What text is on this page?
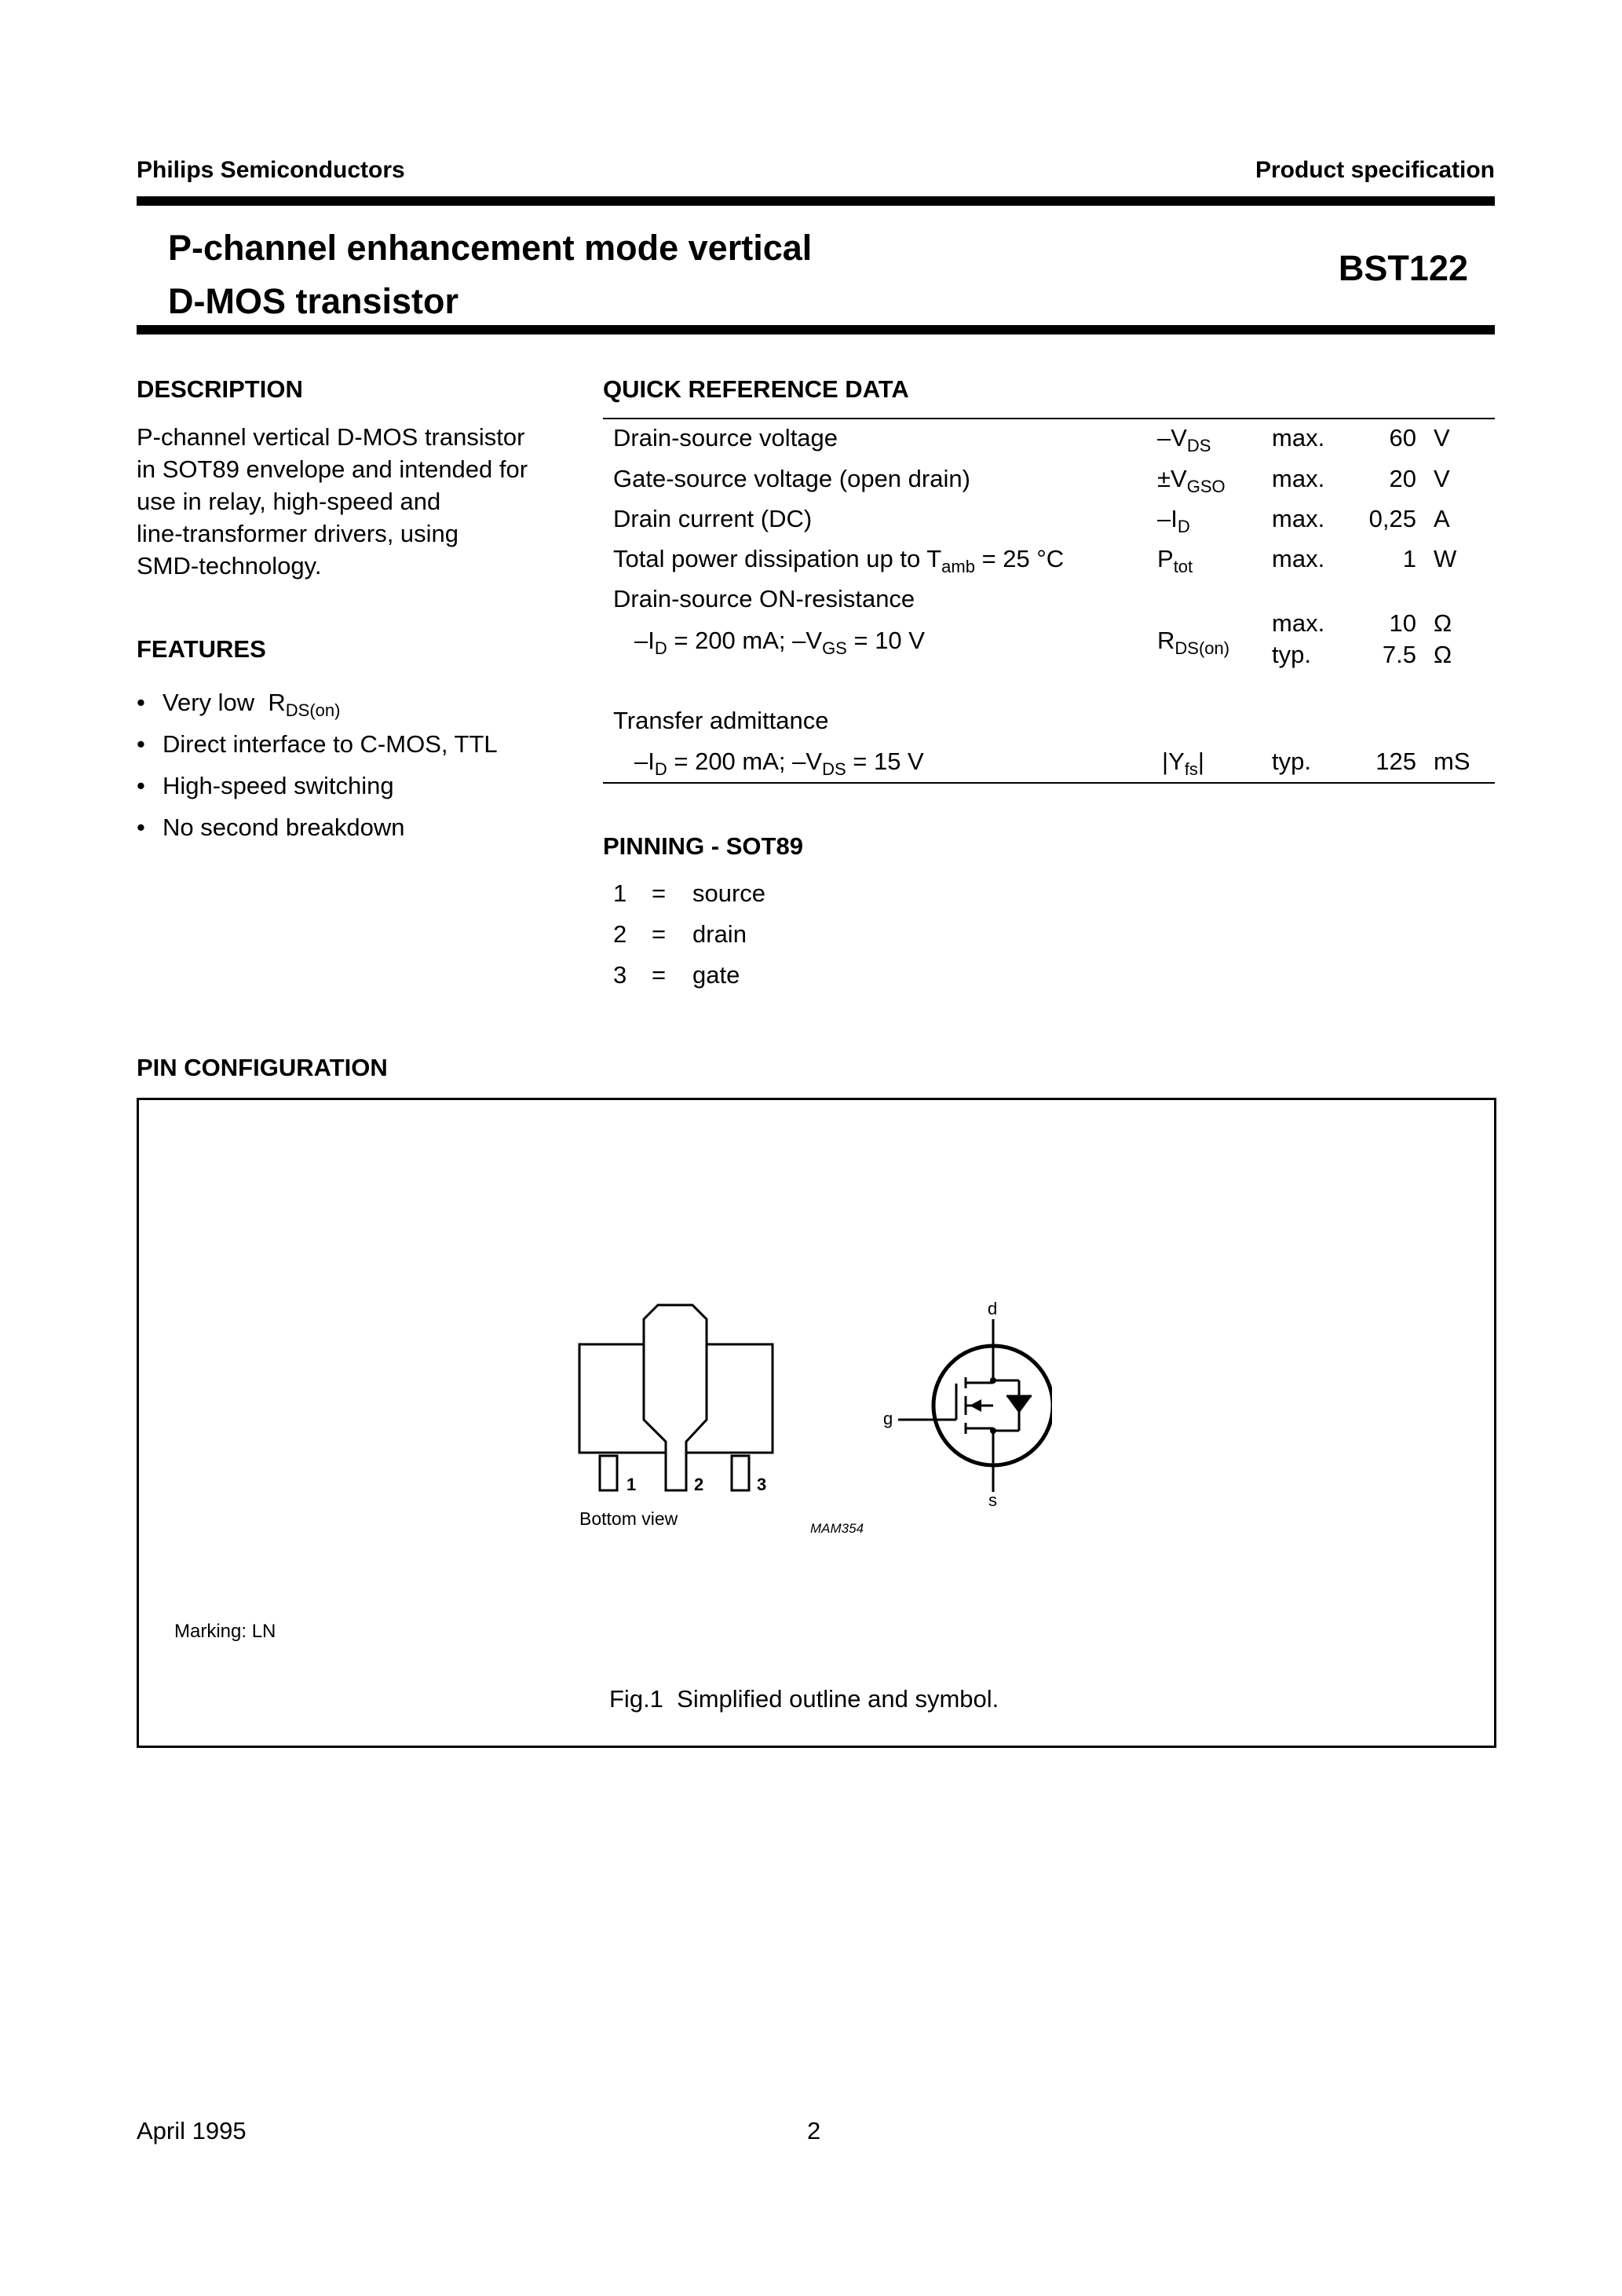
Philips Semiconductors	Product specification
P-channel enhancement mode vertical
D-MOS transistor
BST122
DESCRIPTION
P-channel vertical D-MOS transistor
in SOT89 envelope and intended for
use in relay, high-speed and
line-transformer drivers, using
SMD-technology.
FEATURES
• Very low $R_{DS(on)}$
• Direct interface to C-MOS, TTL
• High-speed switching
• No second breakdown
QUICK REFERENCE DATA
Drain-source voltage	$-V_{DS}$	max.	60 V
Gate-source voltage (open drain)	$\pm V_{GSO}$ max.	20 V
Drain current (DC)	$-I_D$	max. 0,25 A
Total power dissipation up to $T_{amb} = 25$ °C	$P_{tot}$	max.	1 W
Drain-source ON-resistance
$-I_D = 200$ mA; $-V_{GS} = 10$ V	$R_{DS(on)}$
max.	10 Ω
typ.	7.5 Ω
Transfer admittance
$-I_D = 200$ mA; $-V_{DS} = 15$ V	$|Y_{fs}|$	typ.	125 mS
PINNING - SOT89
1 = source
2 = drain
3 = gate
PIN CONFIGURATION
1	2	3
Bottom view	MAM354
d
g
s
Marking: LN
Fig.1  Simplified outline and symbol.
April 1995	2
